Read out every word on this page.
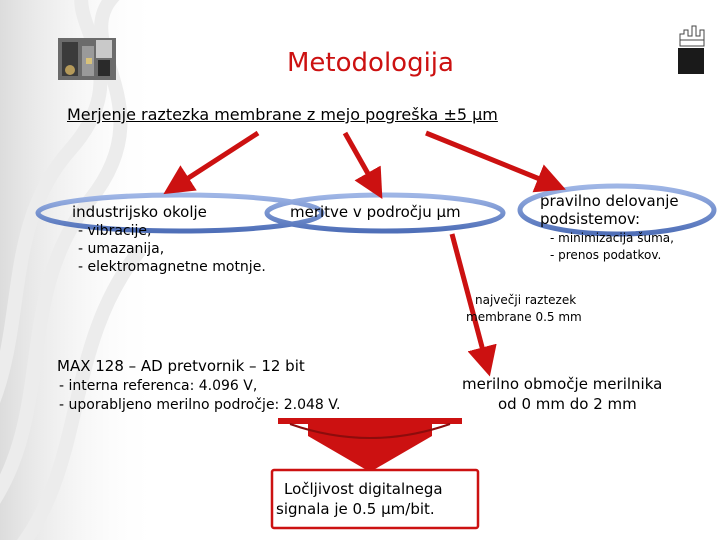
Metodologija
Merjenje raztezka membrane z mejo pogreška ±5 μm
industrijsko okolje
- vibracije,
- umazanija,
- elektromagnetne motnje.
meritve v področju μm
pravilno delovanje
podsistemov:
- minimizacija šuma,
- prenos podatkov.
največji raztezek
membrane 0.5 mm
MAX 128 – AD pretvornik – 12 bit
- interna referenca: 4.096 V,
- uporabljeno merilno področje: 2.048 V.
merilno območje merilnika
od 0 mm do 2 mm
Ločljivost digitalnega
signala je 0.5 μm/bit.
